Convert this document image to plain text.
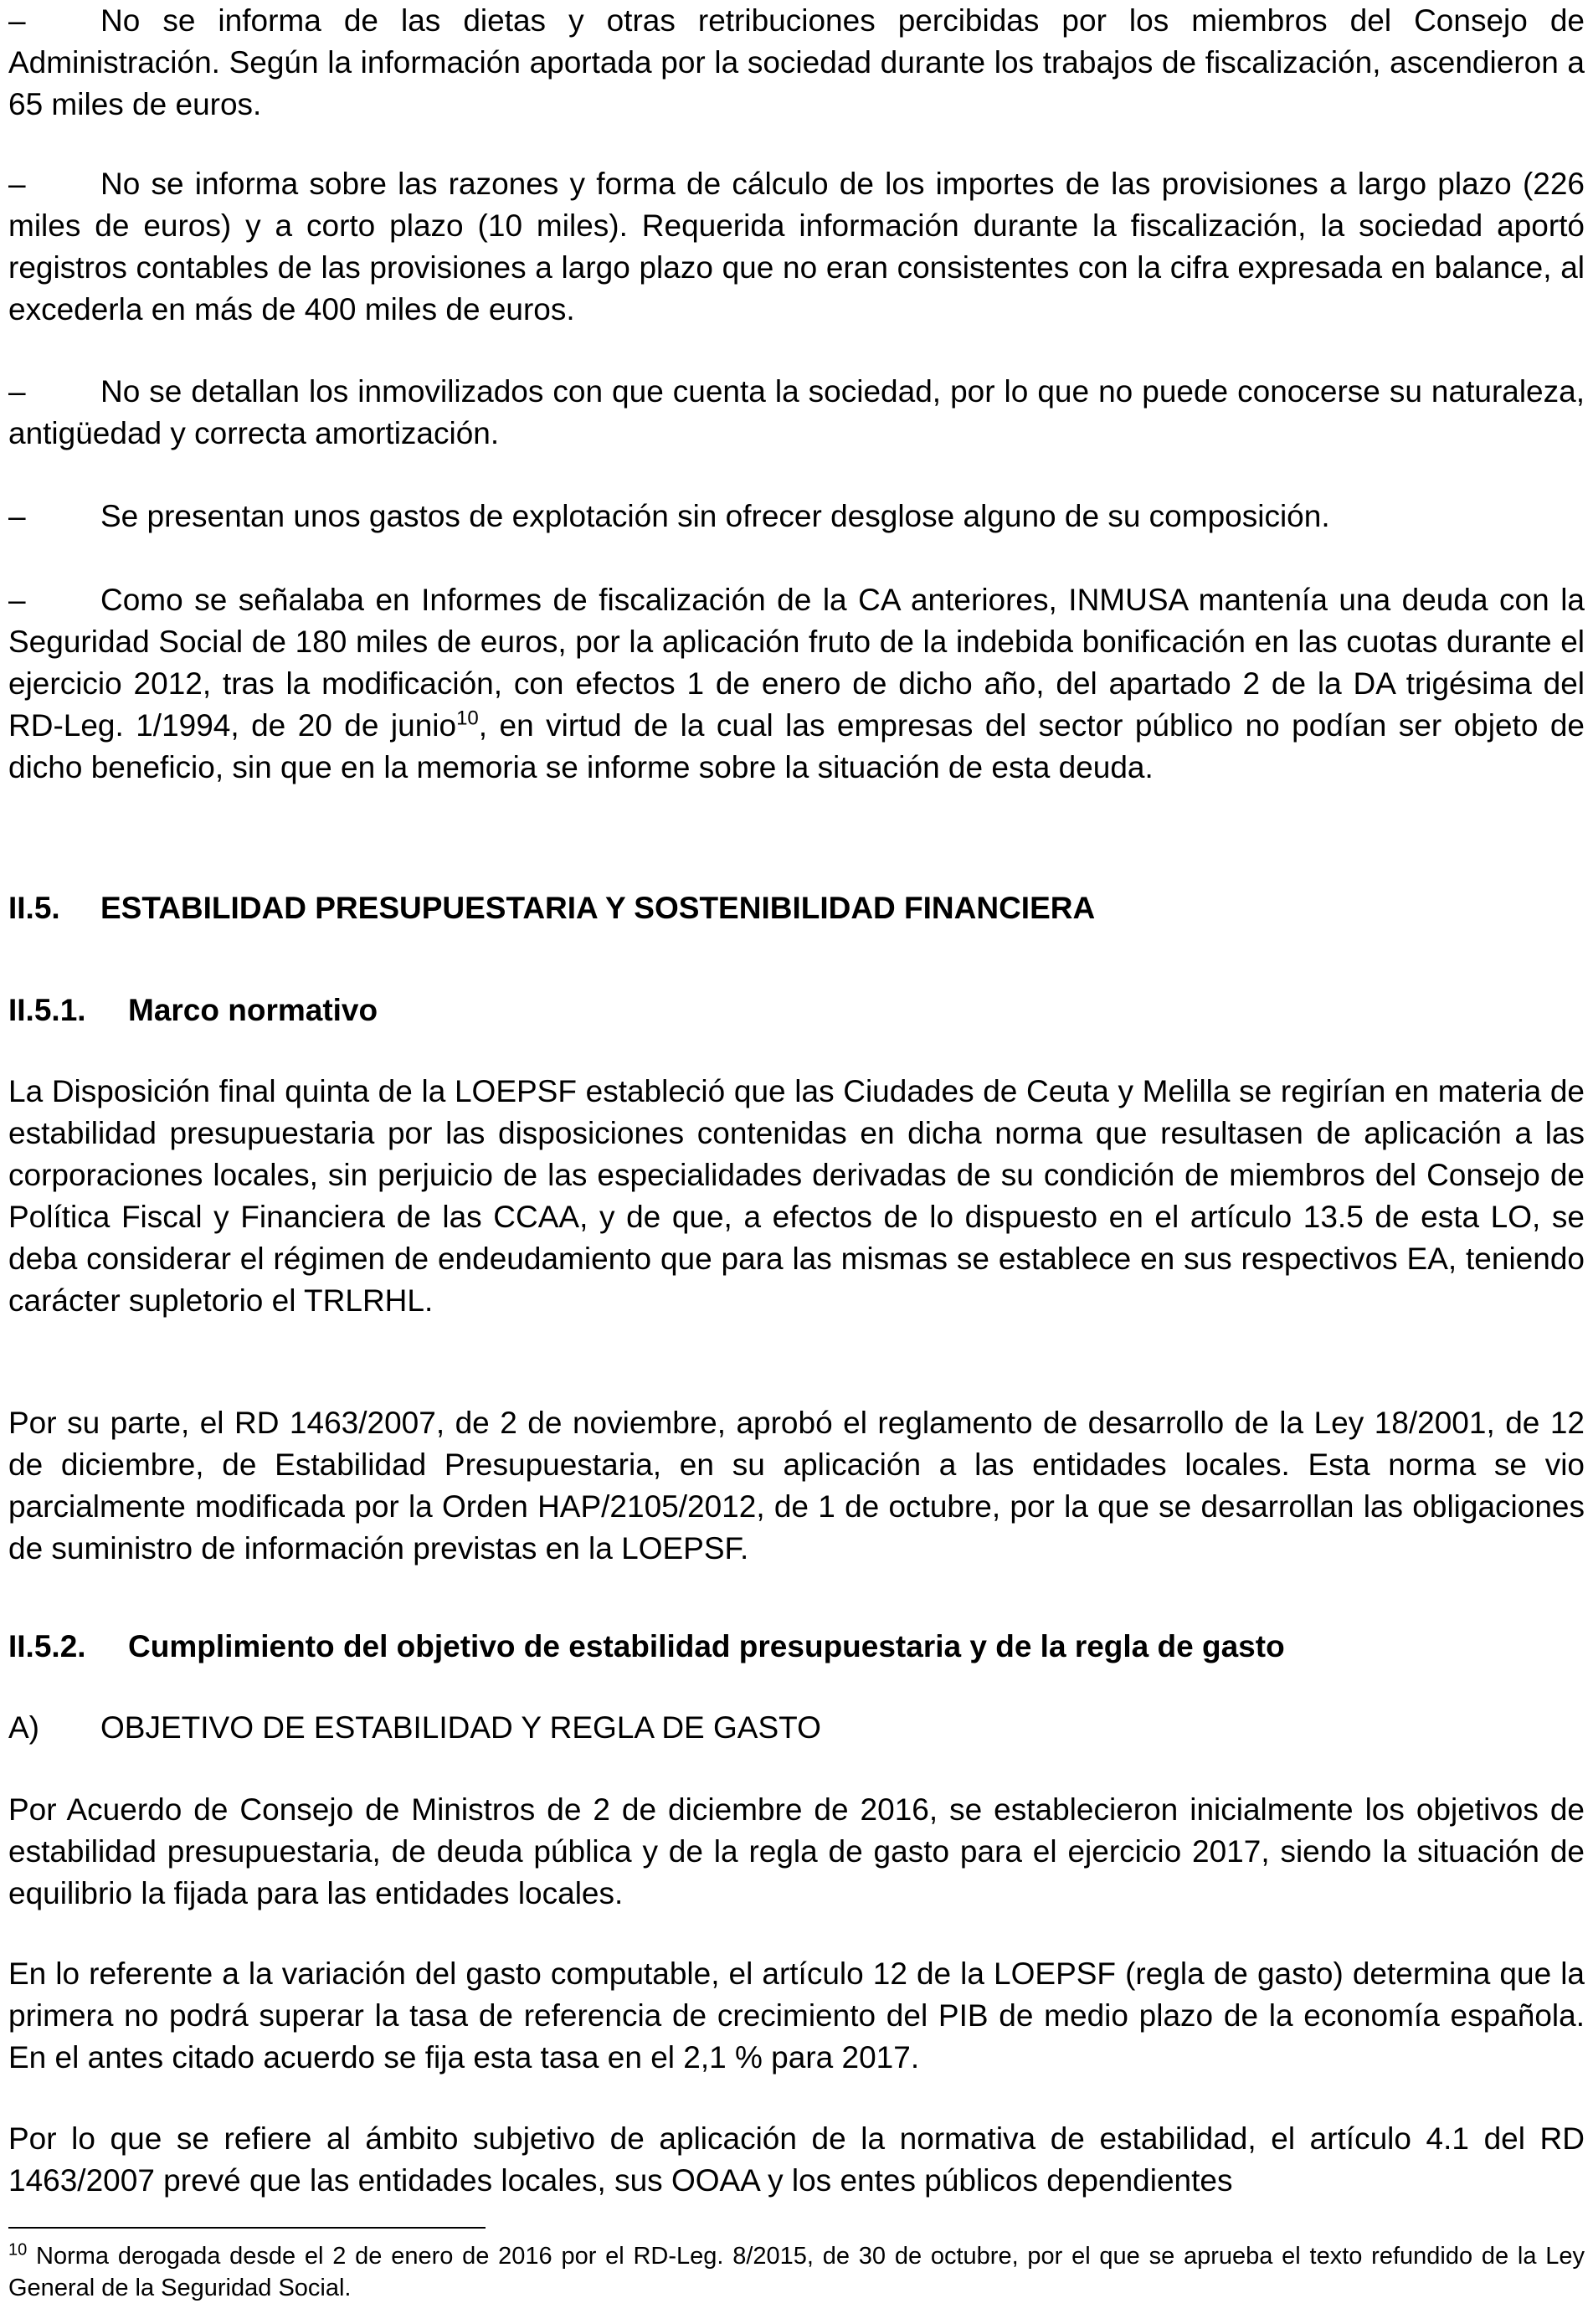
– No se informa de las dietas y otras retribuciones percibidas por los miembros del Consejo de Administración. Según la información aportada por la sociedad durante los trabajos de fiscalización, ascendieron a 65 miles de euros.

– No se informa sobre las razones y forma de cálculo de los importes de las provisiones a largo plazo (226 miles de euros) y a corto plazo (10 miles). Requerida información durante la fiscalización, la sociedad aportó registros contables de las provisiones a largo plazo que no eran consistentes con la cifra expresada en balance, al excederla en más de 400 miles de euros.

– No se detallan los inmovilizados con que cuenta la sociedad, por lo que no puede conocerse su naturaleza, antigüedad y correcta amortización.

– Se presentan unos gastos de explotación sin ofrecer desglose alguno de su composición.

– Como se señalaba en Informes de fiscalización de la CA anteriores, INMUSA mantenía una deuda con la Seguridad Social de 180 miles de euros, por la aplicación fruto de la indebida bonificación en las cuotas durante el ejercicio 2012, tras la modificación, con efectos 1 de enero de dicho año, del apartado 2 de la DA trigésima del RD-Leg. 1/1994, de 20 de junio$^{10}$, en virtud de la cual las empresas del sector público no podían ser objeto de dicho beneficio, sin que en la memoria se informe sobre la situación de esta deuda.

II.5. ESTABILIDAD PRESUPUESTARIA Y SOSTENIBILIDAD FINANCIERA

II.5.1. Marco normativo

La Disposición final quinta de la LOEPSF estableció que las Ciudades de Ceuta y Melilla se regirían en materia de estabilidad presupuestaria por las disposiciones contenidas en dicha norma que resultasen de aplicación a las corporaciones locales, sin perjuicio de las especialidades derivadas de su condición de miembros del Consejo de Política Fiscal y Financiera de las CCAA, y de que, a efectos de lo dispuesto en el artículo 13.5 de esta LO, se deba considerar el régimen de endeudamiento que para las mismas se establece en sus respectivos EA, teniendo carácter supletorio el TRLRHL.

Por su parte, el RD 1463/2007, de 2 de noviembre, aprobó el reglamento de desarrollo de la Ley 18/2001, de 12 de diciembre, de Estabilidad Presupuestaria, en su aplicación a las entidades locales. Esta norma se vio parcialmente modificada por la Orden HAP/2105/2012, de 1 de octubre, por la que se desarrollan las obligaciones de suministro de información previstas en la LOEPSF.

II.5.2. Cumplimiento del objetivo de estabilidad presupuestaria y de la regla de gasto

A) OBJETIVO DE ESTABILIDAD Y REGLA DE GASTO

Por Acuerdo de Consejo de Ministros de 2 de diciembre de 2016, se establecieron inicialmente los objetivos de estabilidad presupuestaria, de deuda pública y de la regla de gasto para el ejercicio 2017, siendo la situación de equilibrio la fijada para las entidades locales.

En lo referente a la variación del gasto computable, el artículo 12 de la LOEPSF (regla de gasto) determina que la primera no podrá superar la tasa de referencia de crecimiento del PIB de medio plazo de la economía española. En el antes citado acuerdo se fija esta tasa en el 2,1 % para 2017.

Por lo que se refiere al ámbito subjetivo de aplicación de la normativa de estabilidad, el artículo 4.1 del RD 1463/2007 prevé que las entidades locales, sus OOAA y los entes públicos dependientes

$^{10}$ Norma derogada desde el 2 de enero de 2016 por el RD-Leg. 8/2015, de 30 de octubre, por el que se aprueba el texto refundido de la Ley General de la Seguridad Social.
